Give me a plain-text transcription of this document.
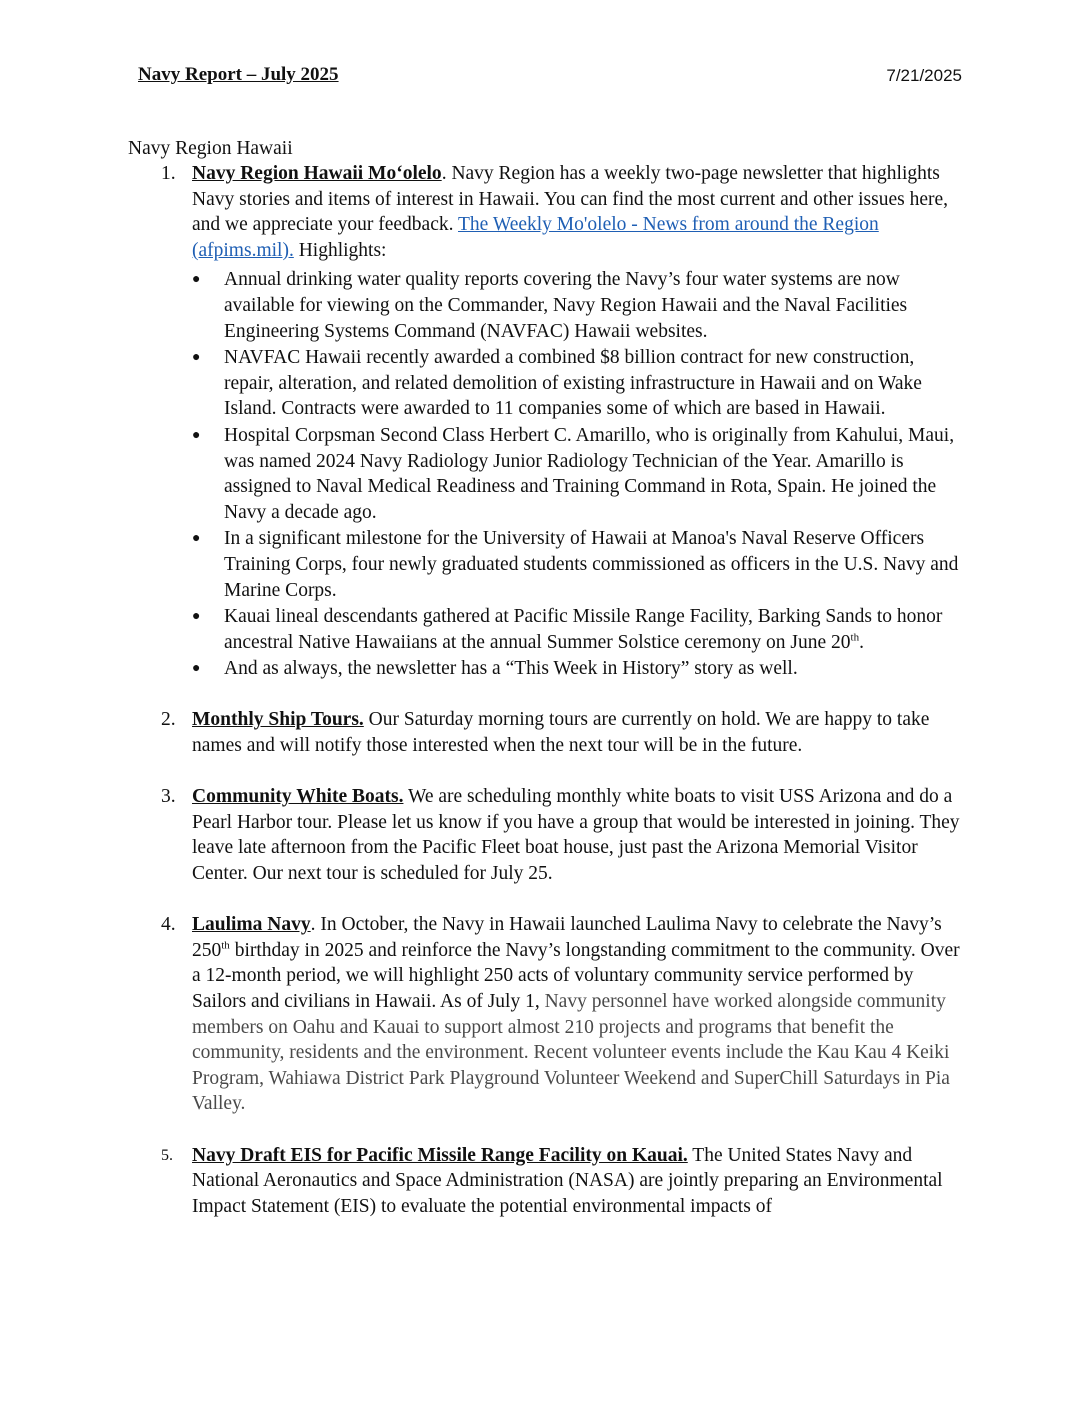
Navy Report – July 2025	7/21/2025
Navy Region Hawaii
1. Navy Region Hawaii Mo‘olelo. Navy Region has a weekly two-page newsletter that highlights Navy stories and items of interest in Hawaii. You can find the most current and other issues here, and we appreciate your feedback. The Weekly Mo'olelo - News from around the Region (afpims.mil). Highlights:
● Annual drinking water quality reports covering the Navy’s four water systems are now available for viewing on the Commander, Navy Region Hawaii and the Naval Facilities Engineering Systems Command (NAVFAC) Hawaii websites.
● NAVFAC Hawaii recently awarded a combined $8 billion contract for new construction, repair, alteration, and related demolition of existing infrastructure in Hawaii and on Wake Island. Contracts were awarded to 11 companies some of which are based in Hawaii.
● Hospital Corpsman Second Class Herbert C. Amarillo, who is originally from Kahului, Maui, was named 2024 Navy Radiology Junior Radiology Technician of the Year. Amarillo is assigned to Naval Medical Readiness and Training Command in Rota, Spain. He joined the Navy a decade ago.
● In a significant milestone for the University of Hawaii at Manoa's Naval Reserve Officers Training Corps, four newly graduated students commissioned as officers in the U.S. Navy and Marine Corps.
● Kauai lineal descendants gathered at Pacific Missile Range Facility, Barking Sands to honor ancestral Native Hawaiians at the annual Summer Solstice ceremony on June 20th.
● And as always, the newsletter has a “This Week in History” story as well.
2. Monthly Ship Tours. Our Saturday morning tours are currently on hold. We are happy to take names and will notify those interested when the next tour will be in the future.
3. Community White Boats. We are scheduling monthly white boats to visit USS Arizona and do a Pearl Harbor tour. Please let us know if you have a group that would be interested in joining. They leave late afternoon from the Pacific Fleet boat house, just past the Arizona Memorial Visitor Center. Our next tour is scheduled for July 25.
4. Laulima Navy. In October, the Navy in Hawaii launched Laulima Navy to celebrate the Navy’s 250th birthday in 2025 and reinforce the Navy’s longstanding commitment to the community. Over a 12-month period, we will highlight 250 acts of voluntary community service performed by Sailors and civilians in Hawaii. As of July 1, Navy personnel have worked alongside community members on Oahu and Kauai to support almost 210 projects and programs that benefit the community, residents and the environment. Recent volunteer events include the Kau Kau 4 Keiki Program, Wahiawa District Park Playground Volunteer Weekend and SuperChill Saturdays in Pia Valley.
5. Navy Draft EIS for Pacific Missile Range Facility on Kauai. The United States Navy and National Aeronautics and Space Administration (NASA) are jointly preparing an Environmental Impact Statement (EIS) to evaluate the potential environmental impacts of
